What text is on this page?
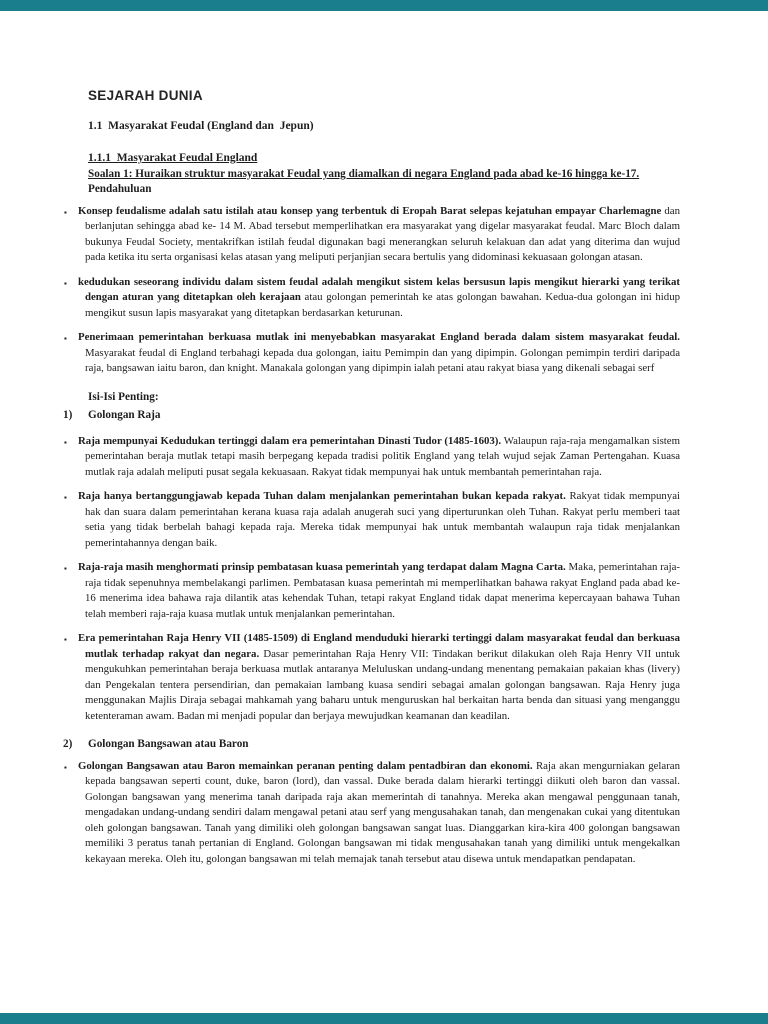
SEJARAH DUNIA
1.1  Masyarakat Feudal (England dan  Jepun)
1.1.1  Masyarakat Feudal England
Soalan 1: Huraikan struktur masyarakat Feudal yang diamalkan di negara England pada abad ke-16 hingga ke-17.
Pendahuluan

▪ Konsep feudalisme adalah satu istilah atau konsep yang terbentuk di Eropah Barat selepas kejatuhan empayar Charlemagne dan berlanjutan sehingga abad ke- 14 M. Abad tersebut memperlihatkan era masyarakat yang digelar masyarakat feudal. Marc Bloch dalam bukunya Feudal Society, mentakrifkan istilah feudal digunakan bagi menerangkan seluruh kelakuan dan adat yang diterima dan wujud pada ketika itu serta organisasi kelas atasan yang meliputi perjanjian secara bertulis yang didominasi kekuasaan golongan atasan.

▪ kedudukan seseorang individu dalam sistem feudal adalah mengikut sistem kelas bersusun lapis mengikut hierarki yang terikat dengan aturan yang ditetapkan oleh kerajaan atau golongan pemerintah ke atas golongan bawahan. Kedua-dua golongan ini hidup mengikut susun lapis masyarakat yang ditetapkan berdasarkan keturunan.

▪ Penerimaan pemerintahan berkuasa mutlak ini menyebabkan masyarakat England berada dalam sistem masyarakat feudal. Masyarakat feudal di England terbahagi kepada dua golongan, iaitu Pemimpin dan yang dipimpin. Golongan pemimpin terdiri daripada raja, bangsawan iaitu baron, dan knight. Manakala golongan yang dipimpin ialah petani atau rakyat biasa yang dikenali sebagai serf

Isi-Isi Penting:

1) Golongan Raja

▪ Raja mempunyai Kedudukan tertinggi dalam era pemerintahan Dinasti Tudor (1485-1603). Walaupun raja-raja mengamalkan sistem pemerintahan beraja mutlak tetapi masih berpegang kepada tradisi politik England yang telah wujud sejak Zaman Pertengahan. Kuasa mutlak raja adalah meliputi pusat segala kekuasaan. Rakyat tidak mempunyai hak untuk membantah pemerintahan raja.

▪ Raja hanya bertanggungjawab kepada Tuhan dalam menjalankan pemerintahan bukan kepada rakyat. Rakyat tidak mempunyai hak dan suara dalam pemerintahan kerana kuasa raja adalah anugerah suci yang diperturunkan oleh Tuhan. Rakyat perlu memberi taat setia yang tidak berbelah bahagi kepada raja. Mereka tidak mempunyai hak untuk membantah walaupun raja tidak menjalankan pemerintahannya dengan baik.

▪ Raja-raja masih menghormati prinsip pembatasan kuasa pemerintah yang terdapat dalam Magna Carta. Maka, pemerintahan raja-raja tidak sepenuhnya membelakangi parlimen. Pembatasan kuasa pemerintah mi memperlihatkan bahawa rakyat England pada abad ke-16 menerima idea bahawa raja dilantik atas kehendak Tuhan, tetapi rakyat England tidak dapat menerima kepercayaan bahawa Tuhan telah memberi raja-raja kuasa mutlak untuk menjalankan pemerintahan.

▪ Era pemerintahan Raja Henry VII (1485-1509) di England menduduki hierarki tertinggi dalam masyarakat feudal dan berkuasa mutlak terhadap rakyat dan negara. Dasar pemerintahan Raja Henry VII: Tindakan berikut dilakukan oleh Raja Henry VII untuk mengukuhkan pemerintahan beraja berkuasa mutlak antaranya Meluluskan undang-undang menentang pemakaian pakaian khas (livery) dan Pengekalan tentera persendirian, dan pemakaian lambang kuasa sendiri sebagai amalan golongan bangsawan. Raja Henry juga menggunakan Majlis Diraja sebagai mahkamah yang baharu untuk menguruskan hal berkaitan harta benda dan situasi yang menganggu ketenteraman awam. Badan mi menjadi popular dan berjaya mewujudkan keamanan dan keadilan.

2) Golongan Bangsawan atau Baron

▪ Golongan Bangsawan atau Baron memainkan peranan penting dalam pentadbiran dan ekonomi. Raja akan mengurniakan gelaran kepada bangsawan seperti count, duke, baron (lord), dan vassal. Duke berada dalam hierarki tertinggi diikuti oleh baron dan vassal. Golongan bangsawan yang menerima tanah daripada raja akan memerintah di tanahnya. Mereka akan mengawal penggunaan tanah, mengadakan undang-undang sendiri dalam mengawal petani atau serf yang mengusahakan tanah, dan mengenakan cukai yang ditentukan oleh golongan bangsawan. Tanah yang dimiliki oleh golongan bangsawan sangat luas. Dianggarkan kira-kira 400 golongan bangsawan memiliki 3 peratus tanah pertanian di England. Golongan bangsawan mi tidak mengusahakan tanah yang dimiliki untuk mengekalkan kekayaan mereka. Oleh itu, golongan bangsawan mi telah memajak tanah tersebut atau disewa untuk mendapatkan pendapatan.
